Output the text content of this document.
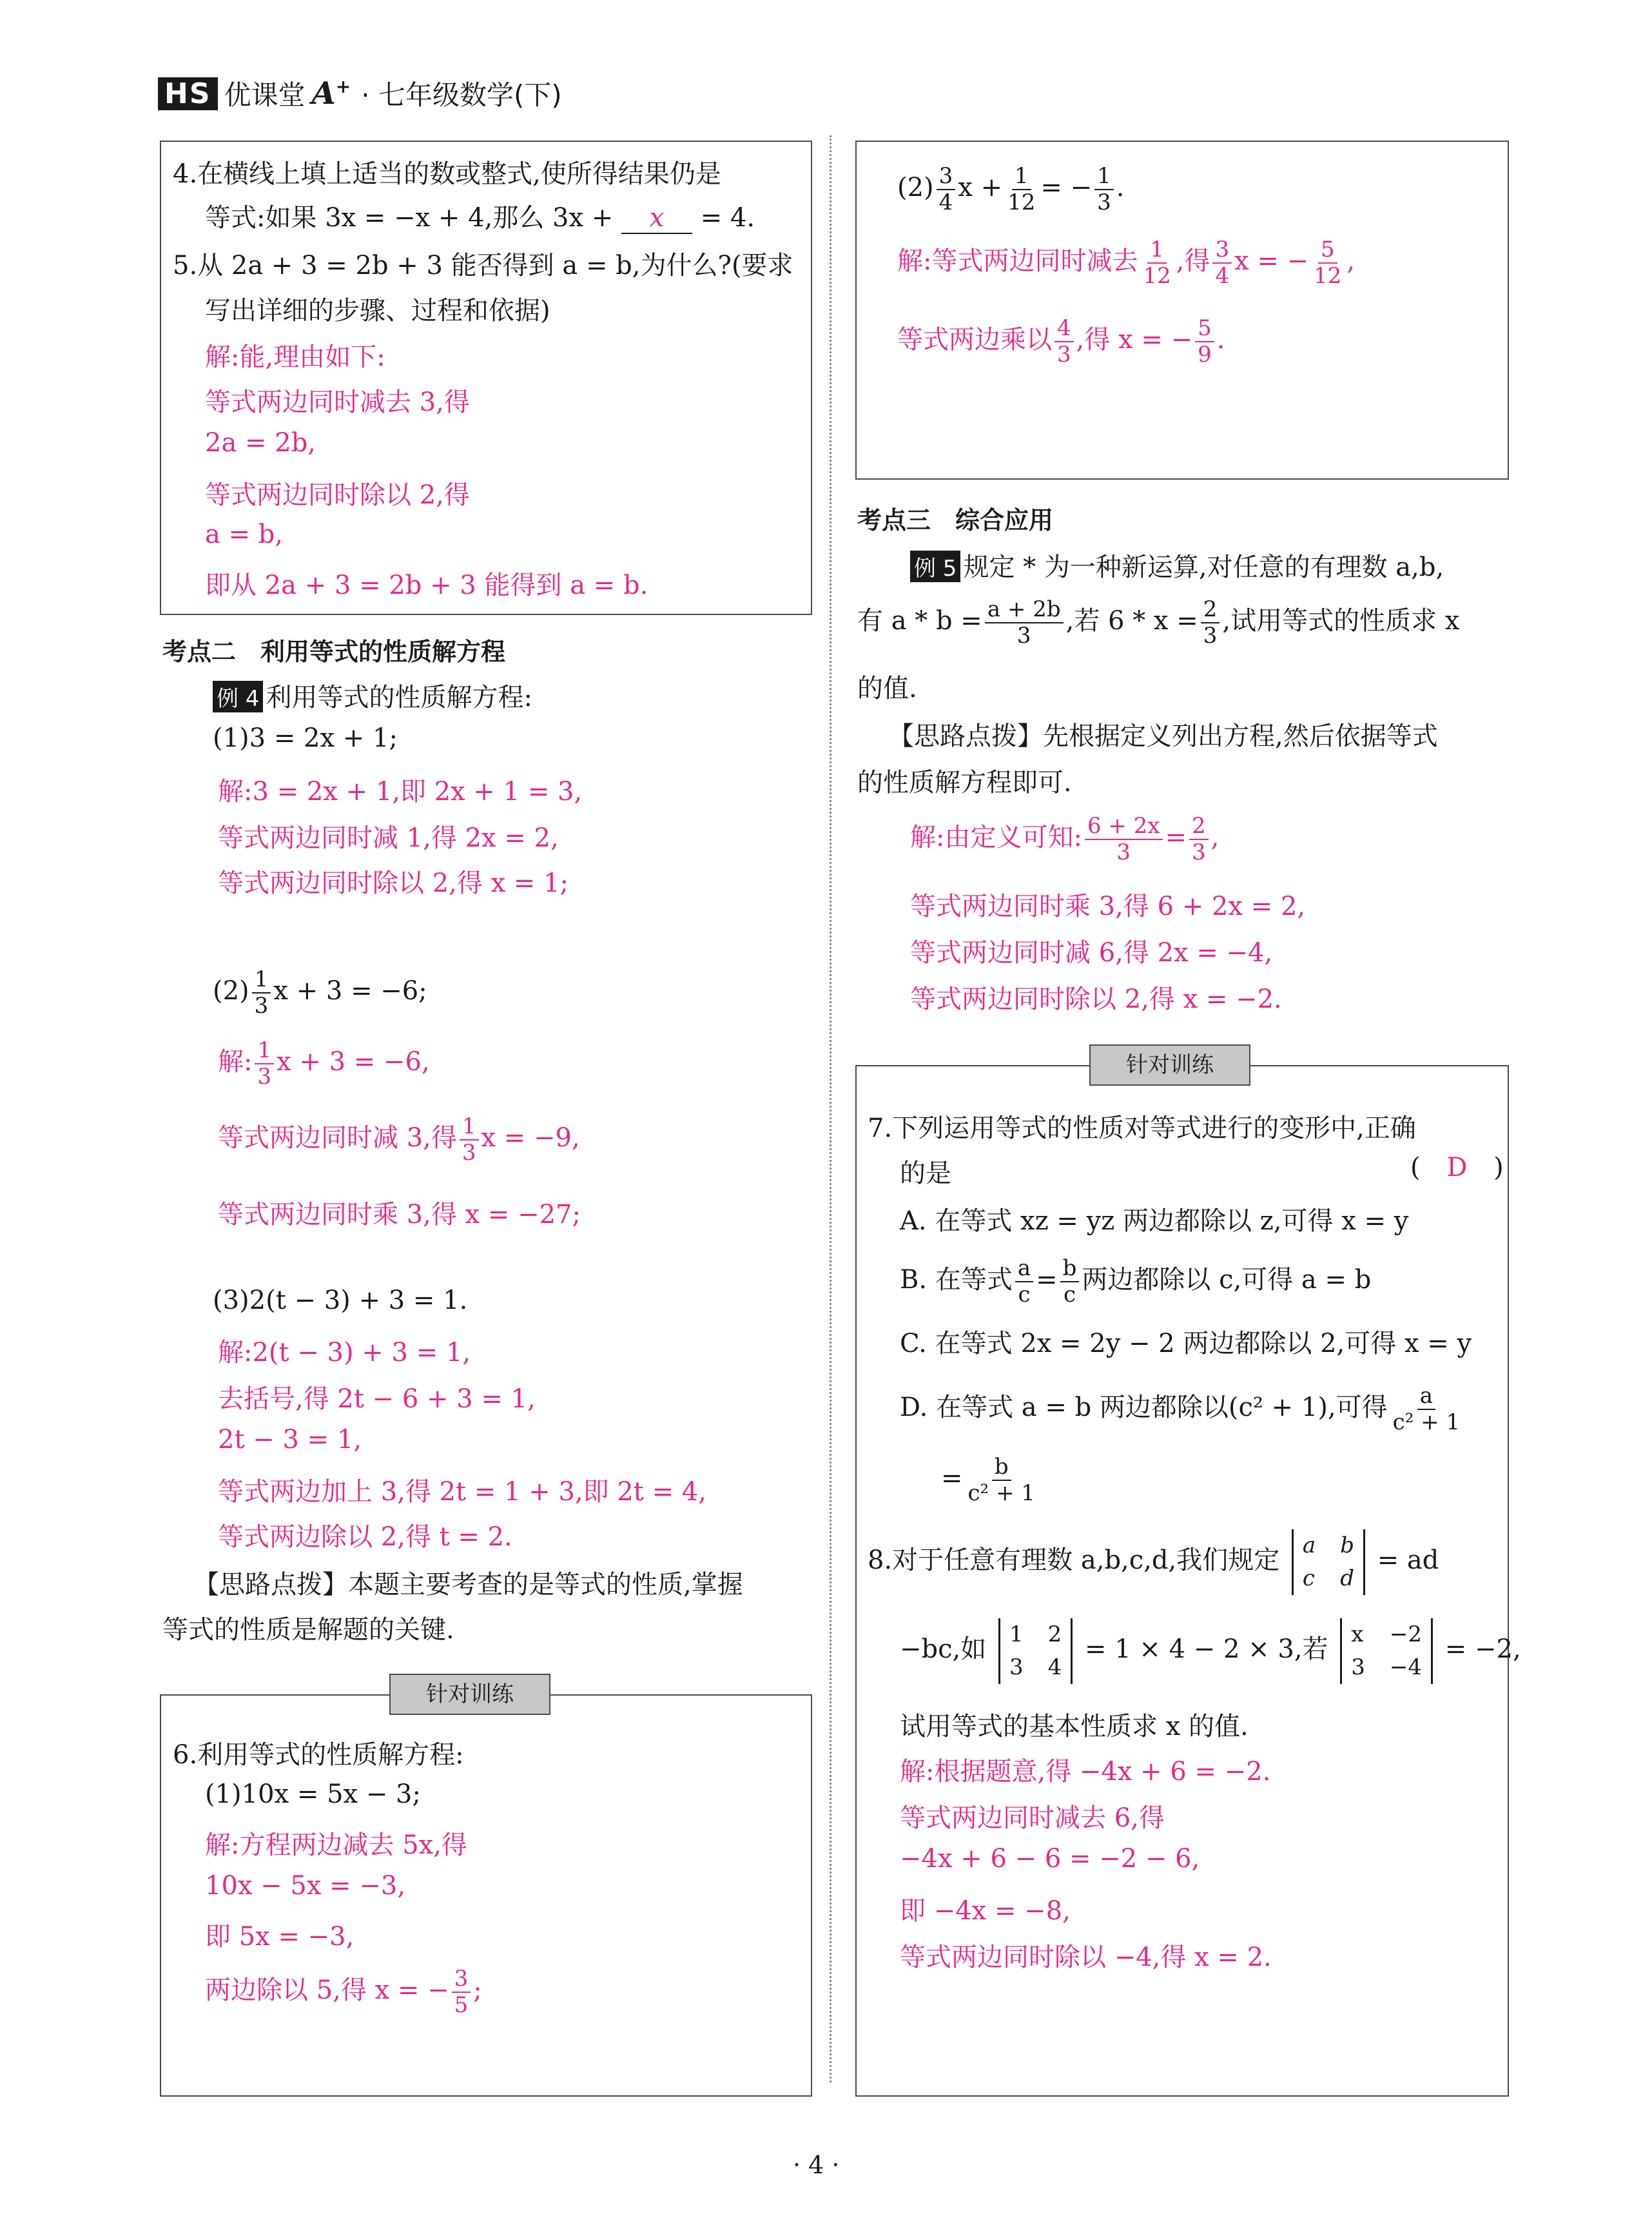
HS 优课堂 A+ · 七年级数学(下)
4.在横线上填上适当的数或整式,使所得结果仍是
等式:如果 3x = −x + 4,那么 3x + x = 4.
5.从 2a + 3 = 2b + 3 能否得到 a = b,为什么?(要求
写出详细的步骤、过程和依据)
解:能,理由如下:
等式两边同时减去 3,得
2a = 2b,
等式两边同时除以 2,得
a = b,
即从 2a + 3 = 2b + 3 能得到 a = b.
考点二　利用等式的性质解方程
例 4 利用等式的性质解方程:
(1)3 = 2x + 1;
解:3 = 2x + 1,即 2x + 1 = 3,
等式两边同时减 1,得 2x = 2,
等式两边同时除以 2,得 x = 1;
$(2) \frac{1}{3}$ x + 3 = −6;
解: $\frac{1}{3}$ x + 3 = −6,
等式两边同时减 3,得 $\frac{1}{3}$ x = −9,
等式两边同时乘 3,得 x = −27;
(3)2(t − 3) + 3 = 1.
解:2(t − 3) + 3 = 1,
去括号,得 2t − 6 + 3 = 1,
2t − 3 = 1,
等式两边加上 3,得 2t = 1 + 3,即 2t = 4,
等式两边除以 2,得 t = 2.
【思路点拨】本题主要考查的是等式的性质,掌握
等式的性质是解题的关键.
针对训练
6.利用等式的性质解方程:
(1)10x = 5x − 3;
解:方程两边减去 5x,得
10x − 5x = −3,
即 5x = −3,
两边除以 5,得 x = − $\frac{3}{5}$ ;
$(2) \frac{3}{4}$ $x + \frac{1}{12}$ = − $\frac{1}{3}$ .
解:等式两边同时减去 $\frac{1}{12}$ ,得 $\frac{3}{4}$ x = − $\frac{5}{12}$ ,
等式两边乘以 $\frac{4}{3}$ ,得 x = − $\frac{5}{9}$ .
考点三　综合应用
例 5 规定 * 为一种新运算,对任意的有理数 a,b,
有 $a * b = \frac{a + 2b}{3}$ ,若 $6 * x = \frac{2}{3}$ ,试用等式的性质求 x
的值.
【思路点拨】先根据定义列出方程,然后依据等式
的性质解方程即可.
解:由定义可知: $\frac{6 + 2x}{3} = \frac{2}{3}$ ,
等式两边同时乘 3,得 6 + 2x = 2,
等式两边同时减 6,得 2x = −4,
等式两边同时除以 2,得 x = −2.
针对训练
7.下列运用等式的性质对等式进行的变形中,正确
的是	( D )
A. 在等式 xz = yz 两边都除以 z,可得 x = y
B. 在等式 $\frac{a}{c} = \frac{b}{c}$ 两边都除以 c,可得 a = b
C. 在等式 2x = 2y − 2 两边都除以 2,可得 x = y
D. 在等式 a = b 两边都除以(c² + 1),可得 $\frac{a}{\text{c² + 1}}$
= $\frac{b}{\text{c² + 1}}$
8.对于任意有理数 a,b,c,d,我们规定 a b
c d
= ad
−bc,如 1 2
3 4
= 1 × 4 − 2 × 3,若 x −2
3 −4
= −2,
试用等式的基本性质求 x 的值.
解:根据题意,得 −4x + 6 = −2.
等式两边同时减去 6,得
−4x + 6 − 6 = −2 − 6,
即 −4x = −8,
等式两边同时除以 −4,得 x = 2.
· 4 ·
